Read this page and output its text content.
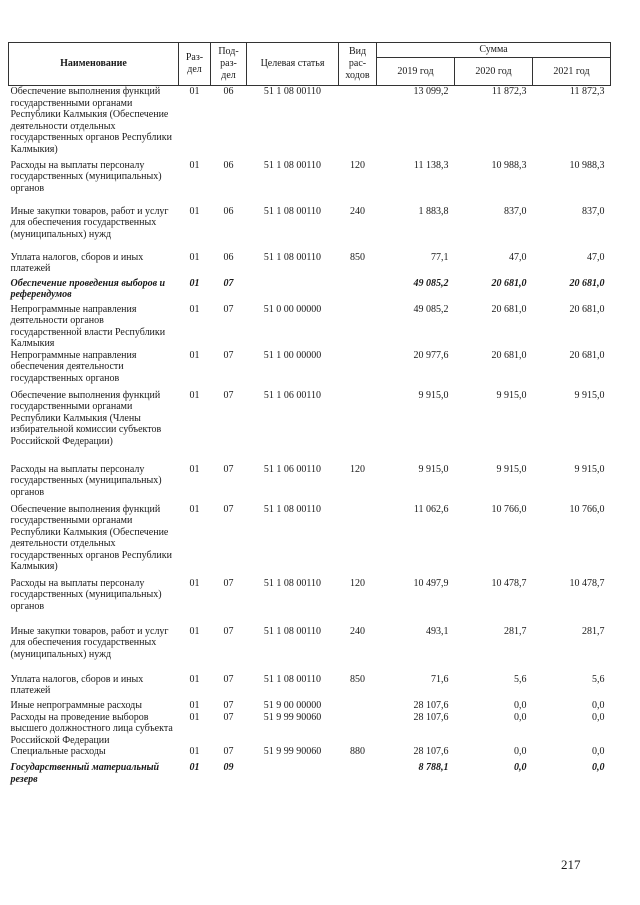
Наименование	Раз- дел	Под- раз- дел	Целевая статья	Вид рас- ходов	Сумма		
					2019 год	2020 год	2021 год
Обеспечение выполнения функций государственными органами Республики Калмыкия (Обеспечение деятельности отдельных государственных органов Республики Калмыкия)	01	06	51 1 08 00110		13 099,2	11 872,3	11 872,3
Расходы на выплаты персоналу государственных (муниципальных) органов	01	06	51 1 08 00110	120	11 138,3	10 988,3	10 988,3
Иные закупки товаров, работ и услуг для обеспечения государственных (муниципальных) нужд	01	06	51 1 08 00110	240	1 883,8	837,0	837,0
Уплата налогов, сборов и иных платежей	01	06	51 1 08 00110	850	77,1	47,0	47,0
Обеспечение проведения выборов и референдумов	01	07			49 085,2	20 681,0	20 681,0
Непрограммные направления деятельности органов государственной власти Республики Калмыкия	01	07	51 0 00 00000		49 085,2	20 681,0	20 681,0
Непрограммные направления обеспечения деятельности государственных органов	01	07	51 1 00 00000		20 977,6	20 681,0	20 681,0
Обеспечение выполнения функций государственными органами Республики Калмыкия (Члены избирательной комиссии субъектов Российской Федерации)	01	07	51 1 06 00110		9 915,0	9 915,0	9 915,0
Расходы на выплаты персоналу государственных (муниципальных) органов	01	07	51 1 06 00110	120	9 915,0	9 915,0	9 915,0
Обеспечение выполнения функций государственными органами Республики Калмыкия (Обеспечение деятельности отдельных государственных органов Республики Калмыкия)	01	07	51 1 08 00110		11 062,6	10 766,0	10 766,0
Расходы на выплаты персоналу государственных (муниципальных) органов	01	07	51 1 08 00110	120	10 497,9	10 478,7	10 478,7
Иные закупки товаров, работ и услуг для обеспечения государственных (муниципальных) нужд	01	07	51 1 08 00110	240	493,1	281,7	281,7
Уплата налогов, сборов и иных платежей	01	07	51 1 08 00110	850	71,6	5,6	5,6
Иные непрограммные расходы	01	07	51 9 00 00000		28 107,6	0,0	0,0
Расходы на проведение выборов высшего должностного лица субъекта Российской Федерации	01	07	51 9 99 90060		28 107,6	0,0	0,0
Специальные расходы	01	07	51 9 99 90060	880	28 107,6	0,0	0,0
Государственный материальный резерв	01	09			8 788,1	0,0	0,0
217
